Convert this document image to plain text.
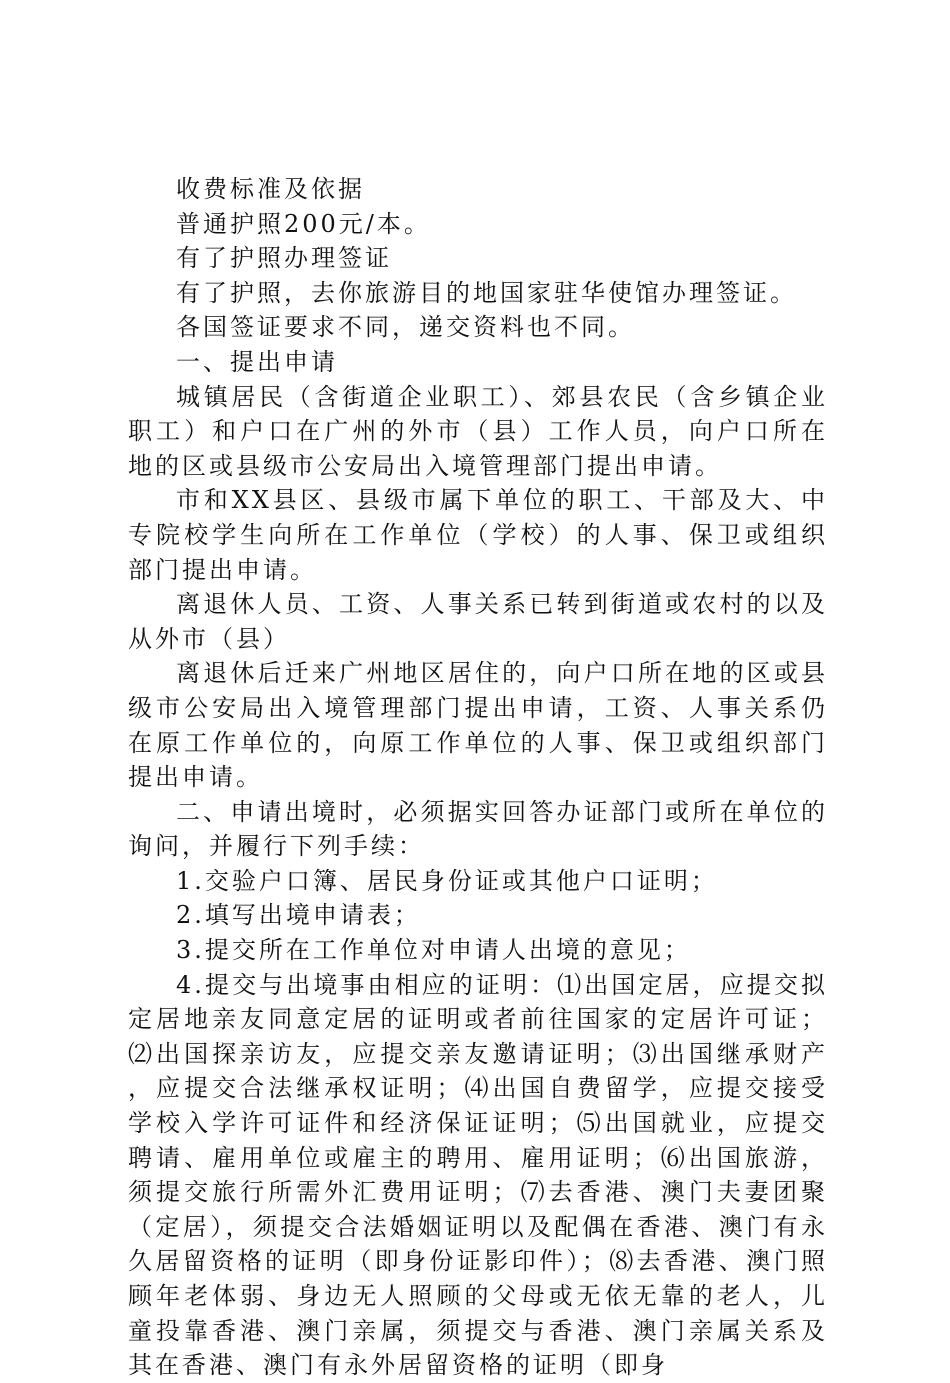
收费标准及依据

普通护照200元/本。

有了护照办理签证

有了护照，去你旅游目的地国家驻华使馆办理签证。

各国签证要求不同，递交资料也不同。

一、提出申请

城镇居民（含街道企业职工）、郊县农民（含乡镇企业职工）和户口在广州的外市（县）工作人员，向户口所在地的区或县级市公安局出入境管理部门提出申请。

市和XX县区、县级市属下单位的职工、干部及大、中专院校学生向所在工作单位（学校）的人事、保卫或组织部门提出申请。

离退休人员、工资、人事关系已转到街道或农村的以及从外市（县）

离退休后迁来广州地区居住的，向户口所在地的区或县级市公安局出入境管理部门提出申请，工资、人事关系仍在原工作单位的，向原工作单位的人事、保卫或组织部门提出申请。

二、申请出境时，必须据实回答办证部门或所在单位的询问，并履行下列手续：

1.交验户口簿、居民身份证或其他户口证明；

2.填写出境申请表；

3.提交所在工作单位对申请人出境的意见；

4.提交与出境事由相应的证明：⑴出国定居，应提交拟定居地亲友同意定居的证明或者前往国家的定居许可证；⑵出国探亲访友，应提交亲友邀请证明；⑶出国继承财产，应提交合法继承权证明；⑷出国自费留学，应提交接受学校入学许可证件和经济保证证明；⑸出国就业，应提交聘请、雇用单位或雇主的聘用、雇用证明；⑹出国旅游，须提交旅行所需外汇费用证明；⑺去香港、澳门夫妻团聚（定居），须提交合法婚姻证明以及配偶在香港、澳门有永久居留资格的证明（即身份证影印件）；⑻去香港、澳门照顾年老体弱、身边无人照顾的父母或无依无靠的老人，儿童投靠香港、澳门亲属，须提交与香港、澳门亲属关系及其在香港、澳门有永外居留资格的证明（即身
